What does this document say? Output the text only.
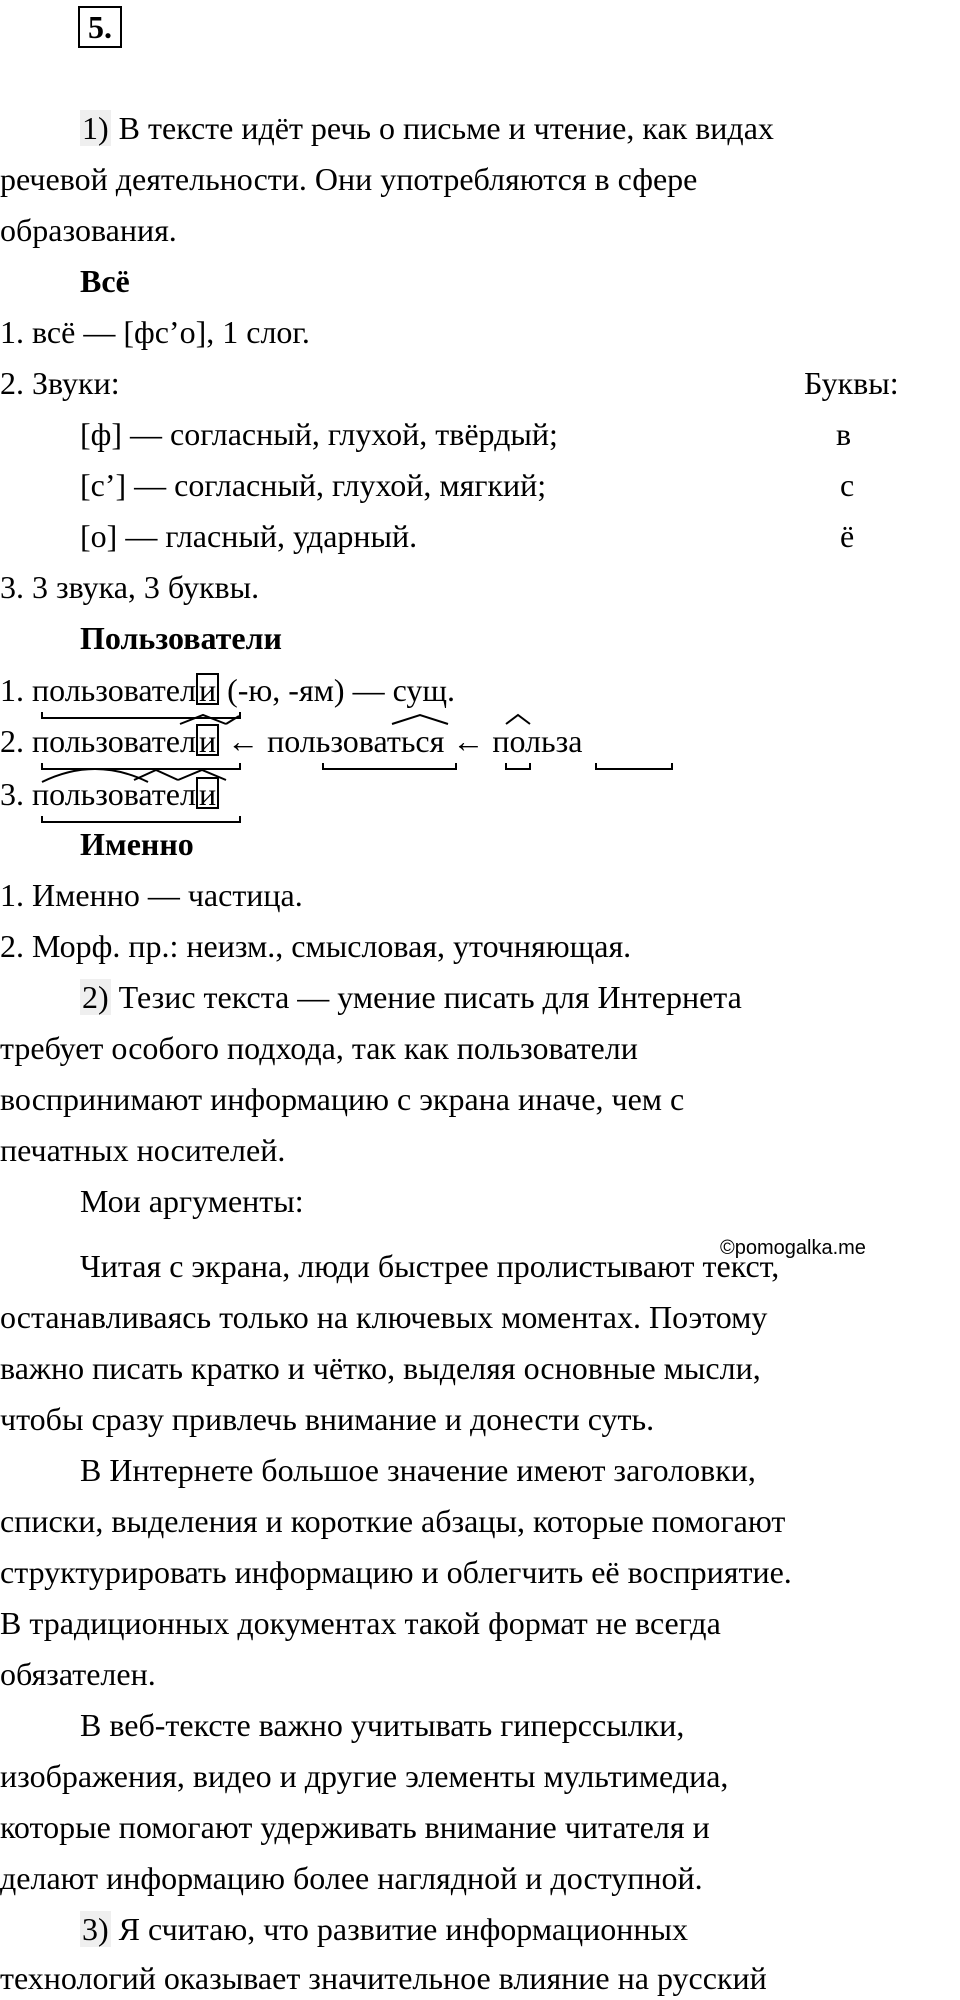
5.
1) В тексте идёт речь о письме и чтение, как видах
речевой деятельности. Они употребляются в сфере
образования.
Всё
1. всё — [фс’о], 1 слог.
2. Звуки:	Буквы:
[ф] — согласный, глухой, твёрдый;	в
[с’] — согласный, глухой, мягкий;	с
[о] — гласный, ударный.	ё
3. 3 звука, 3 буквы.
Пользователи
1. пользователи (-ю, -ям) — сущ.
2. пользователи ← пользоваться ← польза
3. пользователи
Именно
1. Именно — частица.
2. Морф. пр.: неизм., смысловая, уточняющая.
2) Тезис текста — умение писать для Интернета
требует особого подхода, так как пользователи
воспринимают информацию с экрана иначе, чем с
печатных носителей.
Мои аргументы:
©pomogalka.me
Читая с экрана, люди быстрее пролистывают текст,
останавливаясь только на ключевых моментах. Поэтому
важно писать кратко и чётко, выделяя основные мысли,
чтобы сразу привлечь внимание и донести суть.
В Интернете большое значение имеют заголовки,
списки, выделения и короткие абзацы, которые помогают
структурировать информацию и облегчить её восприятие.
В традиционных документах такой формат не всегда
обязателен.
В веб-тексте важно учитывать гиперссылки,
изображения, видео и другие элементы мультимедиа,
которые помогают удерживать внимание читателя и
делают информацию более наглядной и доступной.
3) Я считаю, что развитие информационных
технологий оказывает значительное влияние на русский
